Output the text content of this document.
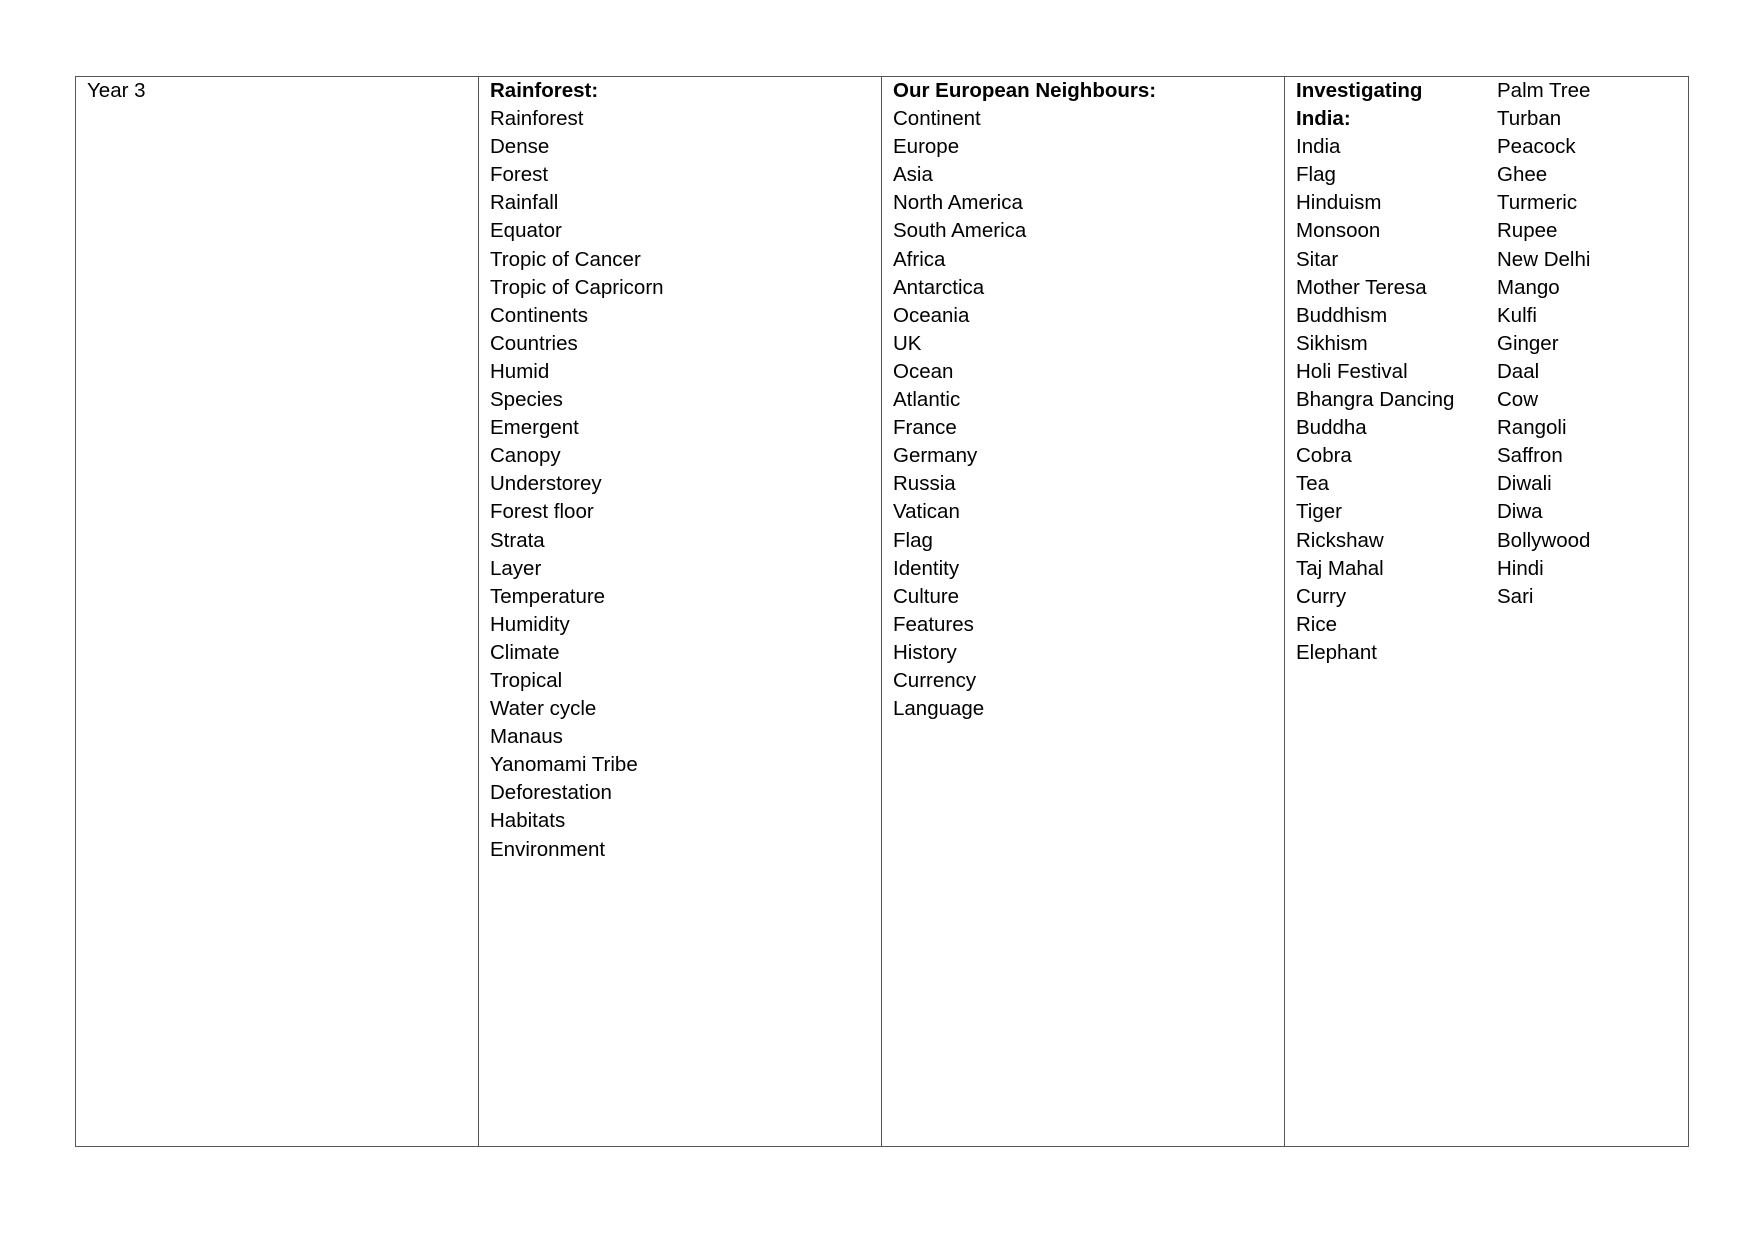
Year 3	Rainforest:
Rainforest
Dense
Forest
Rainfall
Equator
Tropic of Cancer
Tropic of Capricorn
Continents
Countries
Humid
Species
Emergent
Canopy
Understorey
Forest floor
Strata
Layer
Temperature
Humidity
Climate
Tropical
Water cycle
Manaus
Yanomami Tribe
Deforestation
Habitats
Environment
Our European Neighbours:
Continent
Europe
Asia
North America
South America
Africa
Antarctica
Oceania
UK
Ocean
Atlantic
France
Germany
Russia
Vatican
Flag
Identity
Culture
Features
History
Currency
Language
Investigating
India:
India
Flag
Hinduism
Monsoon
Sitar
Mother Teresa
Buddhism
Sikhism
Holi Festival
Bhangra Dancing
Buddha
Cobra
Tea
Tiger
Rickshaw
Taj Mahal
Curry
Rice
Elephant
Palm Tree
Turban
Peacock
Ghee
Turmeric
Rupee
New Delhi
Mango
Kulfi
Ginger
Daal
Cow
Rangoli
Saffron
Diwali
Diwa
Bollywood
Hindi
Sari
